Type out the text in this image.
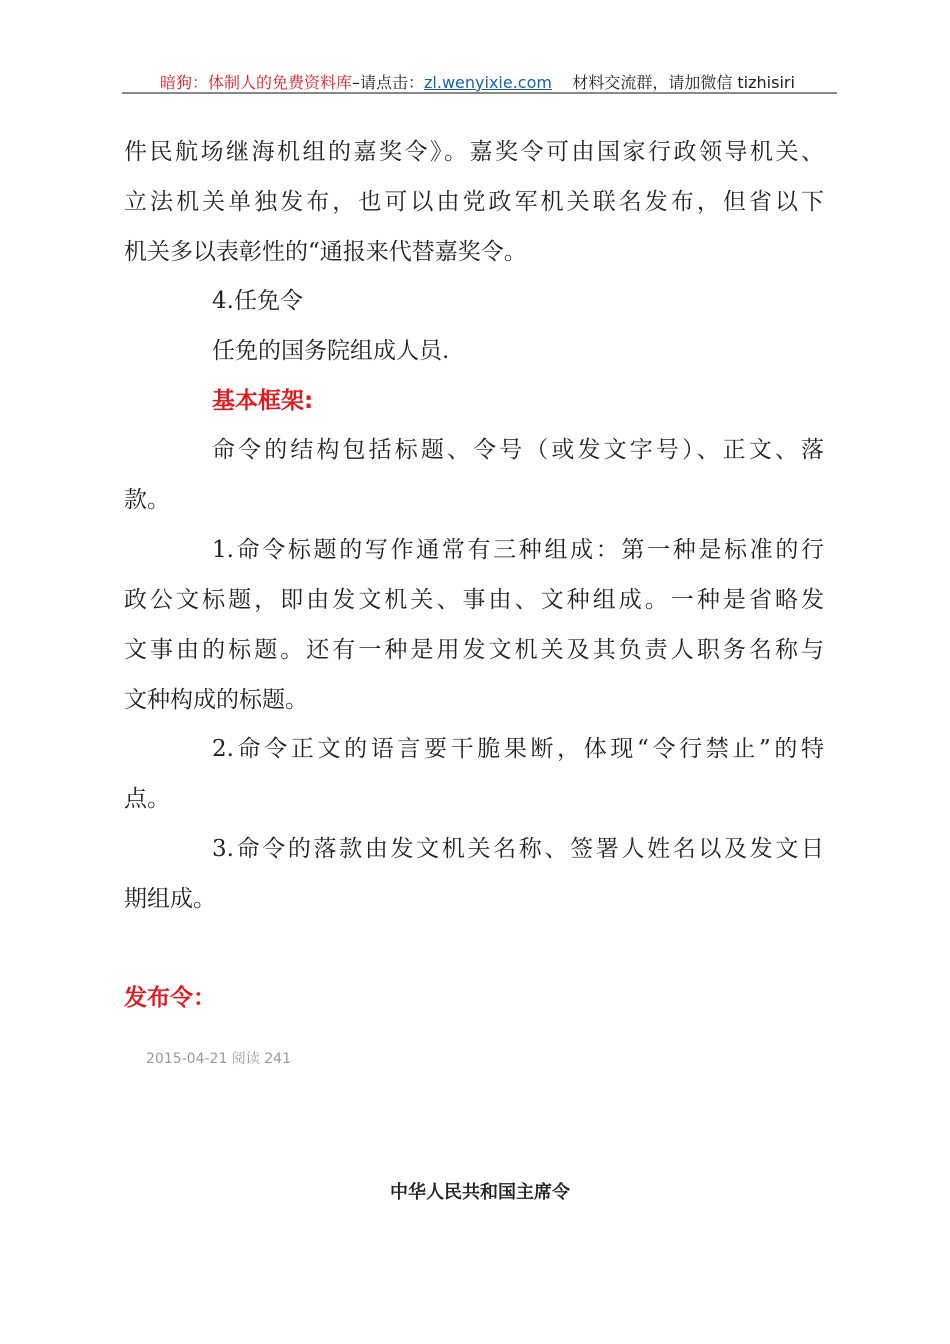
暗狗：体制人的免费资料库–请点击：zl.wenyixie.com 材料交流群，请加微信 tizhisiri
件民航场继海机组的嘉奖令》。嘉奖令可由国家行政领导机关、
立法机关单独发布，也可以由党政军机关联名发布，但省以下
机关多以表彰性的“通报来代替嘉奖令。
4.任免令
任免的国务院组成人员.
基本框架:
命令的结构包括标题、令号（或发文字号）、正文、落
款。
1.命令标题的写作通常有三种组成：第一种是标准的行
政公文标题，即由发文机关、事由、文种组成。一种是省略发
文事由的标题。还有一种是用发文机关及其负责人职务名称与
文种构成的标题。
2.命令正文的语言要干脆果断，体现“令行禁止”的特
点。
3.命令的落款由发文机关名称、签署人姓名以及发文日
期组成。
发布令：
2015-04-21 阅读 241
中华人民共和国主席令
